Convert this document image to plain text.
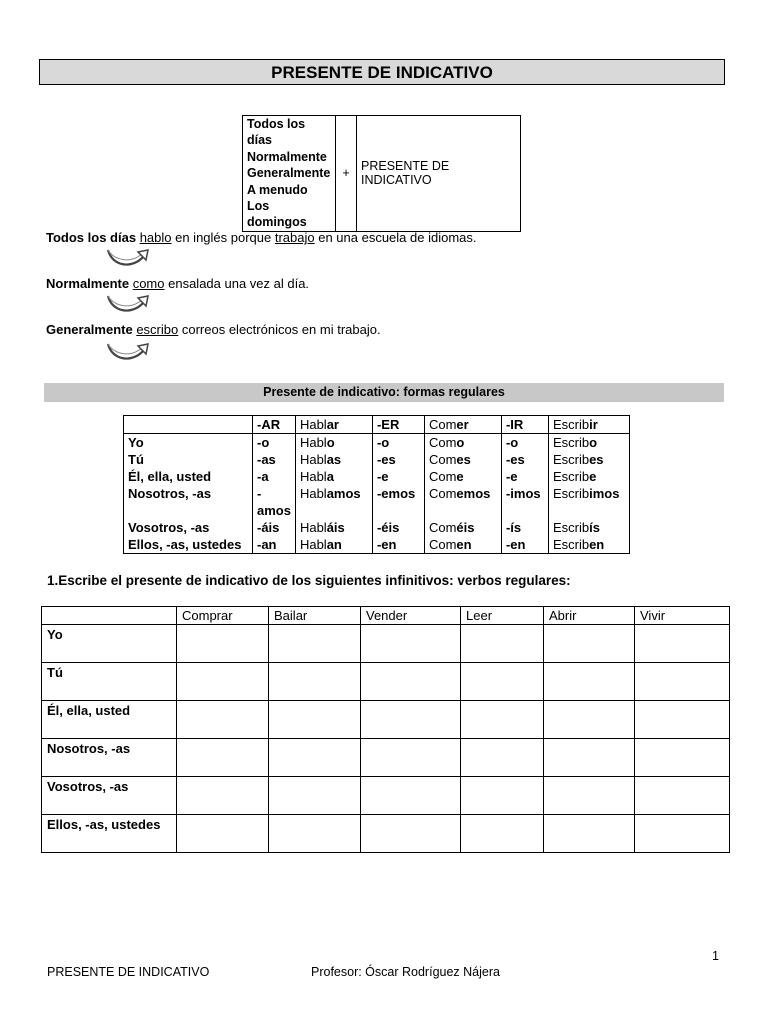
PRESENTE DE INDICATIVO
Todos los días
Normalmente
Generalmente
A menudo
Los domingos
	+	PRESENTE DE INDICATIVO
Todos los días hablo en inglés porque trabajo en una escuela de idiomas.
Normalmente como ensalada una vez al día.
Generalmente escribo correos electrónicos en mi trabajo.
Presente de indicativo: formas regulares
	-AR	Hablar	-ER	Comer	-IR	Escribir
Yo	-o	Hablo	-o	Como	-o	Escribo
Tú	-as	Hablas	-es	Comes	-es	Escribes
Él, ella, usted	-a	Habla	-e	Come	-e	Escribe
Nosotros, -as	-amos	Hablamos	-emos	Comemos	-imos	Escribimos
Vosotros, -as	-áis	Habláis	-éis	Coméis	-ís	Escribís
Ellos, -as, ustedes	-an	Hablan	-en	Comen	-en	Escriben
1.Escribe el presente de indicativo de los siguientes infinitivos: verbos regulares:
	Comprar	Bailar	Vender	Leer	Abrir	Vivir
Yo						
Tú						
Él, ella, usted						
Nosotros, -as						
Vosotros, -as						
Ellos, -as, ustedes						
1
PRESENTE DE INDICATIVO	Profesor: Óscar Rodríguez Nájera
